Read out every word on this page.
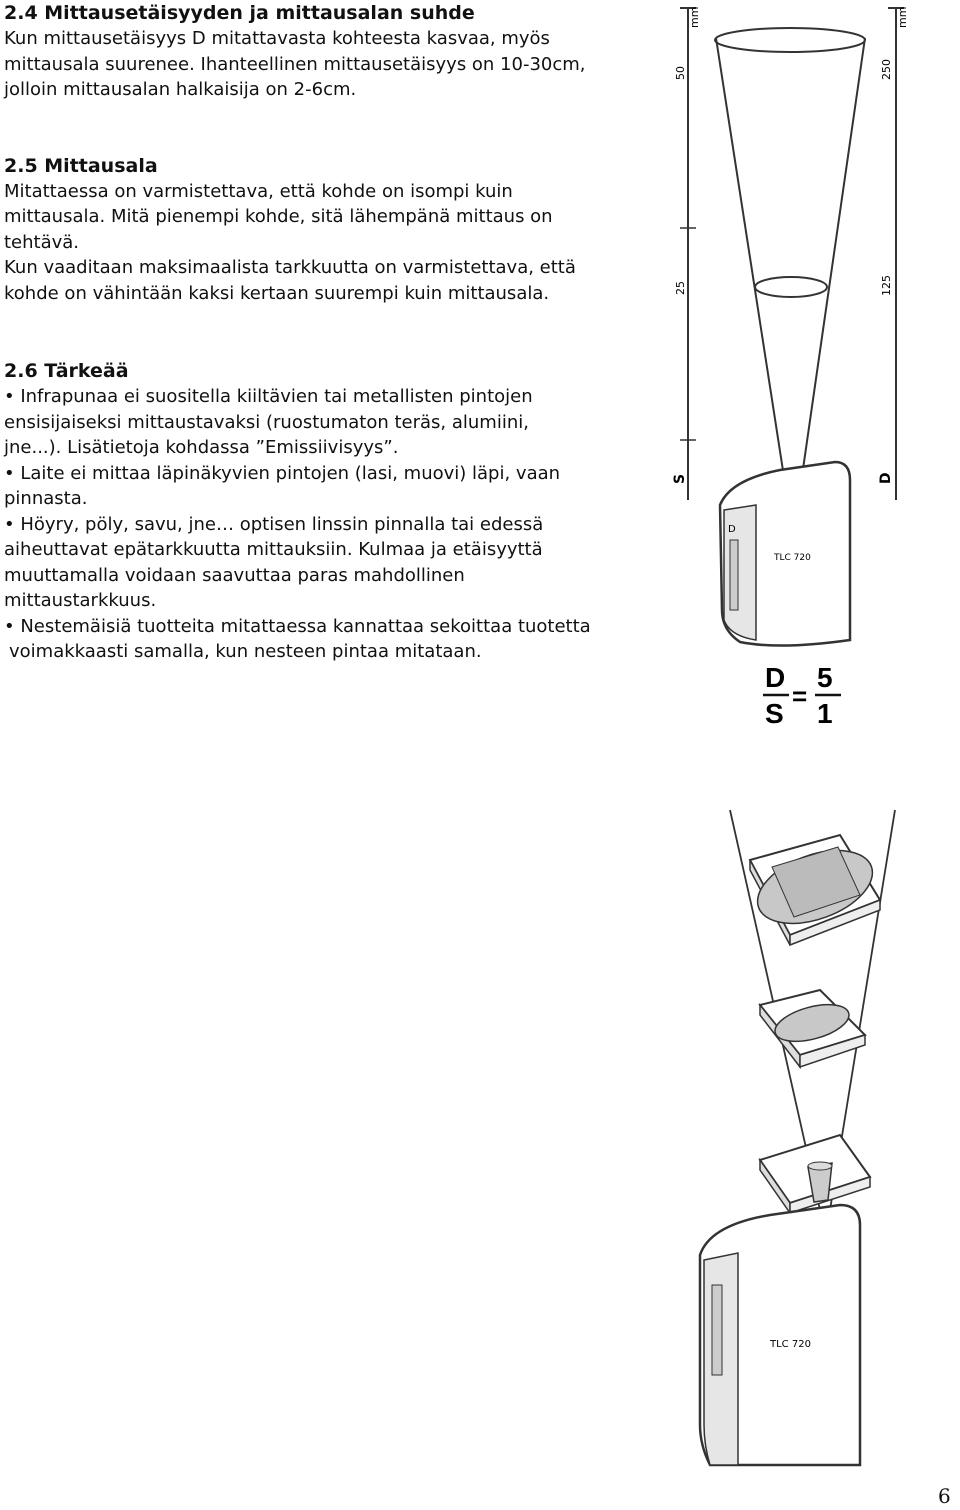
2.4 Mittausetäisyyden ja mittausalan suhde

Kun mittausetäisyys D mitattavasta kohteesta kasvaa, myös

mittausala suurenee. Ihanteellinen mittausetäisyys on 10-30cm,

jolloin mittausalan halkaisija on 2-6cm.

2.5 Mittausala

Mitattaessa on varmistettava, että kohde on isompi kuin

mittausala. Mitä pienempi kohde, sitä lähempänä mittaus on

tehtävä.

Kun vaaditaan maksimaalista tarkkuutta on varmistettava, että

kohde on vähintään kaksi kertaan suurempi kuin mittausala.

2.6 Tärkeää

• Infrapunaa ei suositella kiiltävien tai metallisten pintojen

ensisijaiseksi mittaustavaksi (ruostumaton teräs, alumiini,

jne...). Lisätietoja kohdassa ”Emissiivisyys”.

• Laite ei mittaa läpinäkyvien pintojen (lasi, muovi) läpi, vaan

pinnasta.

• Höyry, pöly, savu, jne… optisen linssin pinnalla tai edessä

aiheuttavat epätarkkuutta mittauksiin. Kulmaa ja etäisyyttä

muuttamalla voidaan saavuttaa paras mahdollinen

mittaustarkkuus.

• Nestemäisiä tuotteita mitattaessa kannattaa sekoittaa tuotetta

voimakkaasti samalla, kun nesteen pintaa mitataan.

mm
50
25
S
mm
250
125
D
D
TLC 720
D
S
=
5
1
TLC 720
6
